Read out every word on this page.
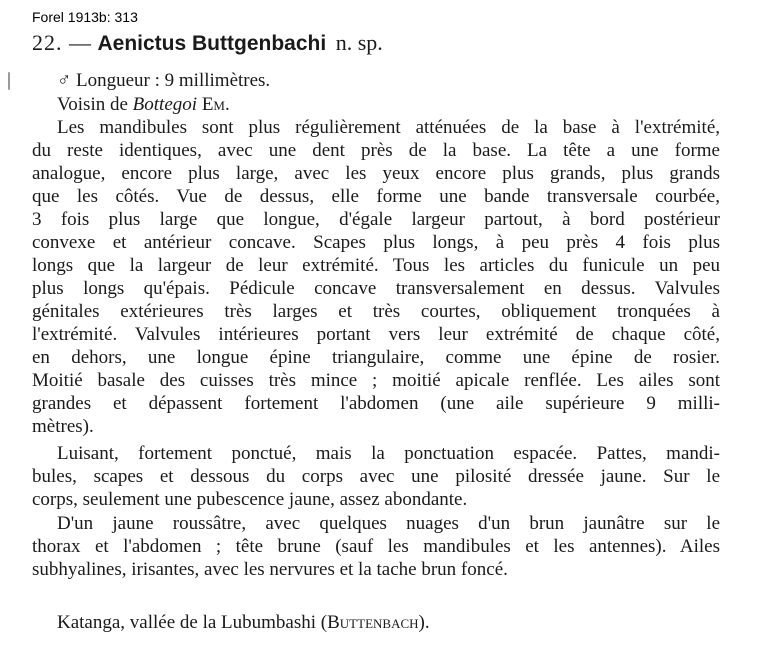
Forel 1913b: 313
22. — Aenictus Buttgenbachi n. sp.
♂ Longueur : 9 millimètres.
Voisin de Bottegoi Em.
Les mandibules sont plus régulièrement atténuées de la base à l'extrémité,
du reste identiques, avec une dent près de la base. La tête a une forme
analogue, encore plus large, avec les yeux encore plus grands, plus grands
que les côtés. Vue de dessus, elle forme une bande transversale courbée,
3 fois plus large que longue, d'égale largeur partout, à bord postérieur
convexe et antérieur concave. Scapes plus longs, à peu près 4 fois plus
longs que la largeur de leur extrémité. Tous les articles du funicule un peu
plus longs qu'épais. Pédicule concave transversalement en dessus. Valvules
génitales extérieures très larges et très courtes, obliquement tronquées à
l'extrémité. Valvules intérieures portant vers leur extrémité de chaque côté,
en dehors, une longue épine triangulaire, comme une épine de rosier.
Moitié basale des cuisses très mince ; moitié apicale renflée. Les ailes sont
grandes et dépassent fortement l'abdomen (une aile supérieure 9 milli-
mètres).
Luisant, fortement ponctué, mais la ponctuation espacée. Pattes, mandi-
bules, scapes et dessous du corps avec une pilosité dressée jaune. Sur le
corps, seulement une pubescence jaune, assez abondante.
D'un jaune roussâtre, avec quelques nuages d'un brun jaunâtre sur le
thorax et l'abdomen ; tête brune (sauf les mandibules et les antennes). Ailes
subhyalines, irisantes, avec les nervures et la tache brun foncé.
Katanga, vallée de la Lubumbashi (Buttenbach).
